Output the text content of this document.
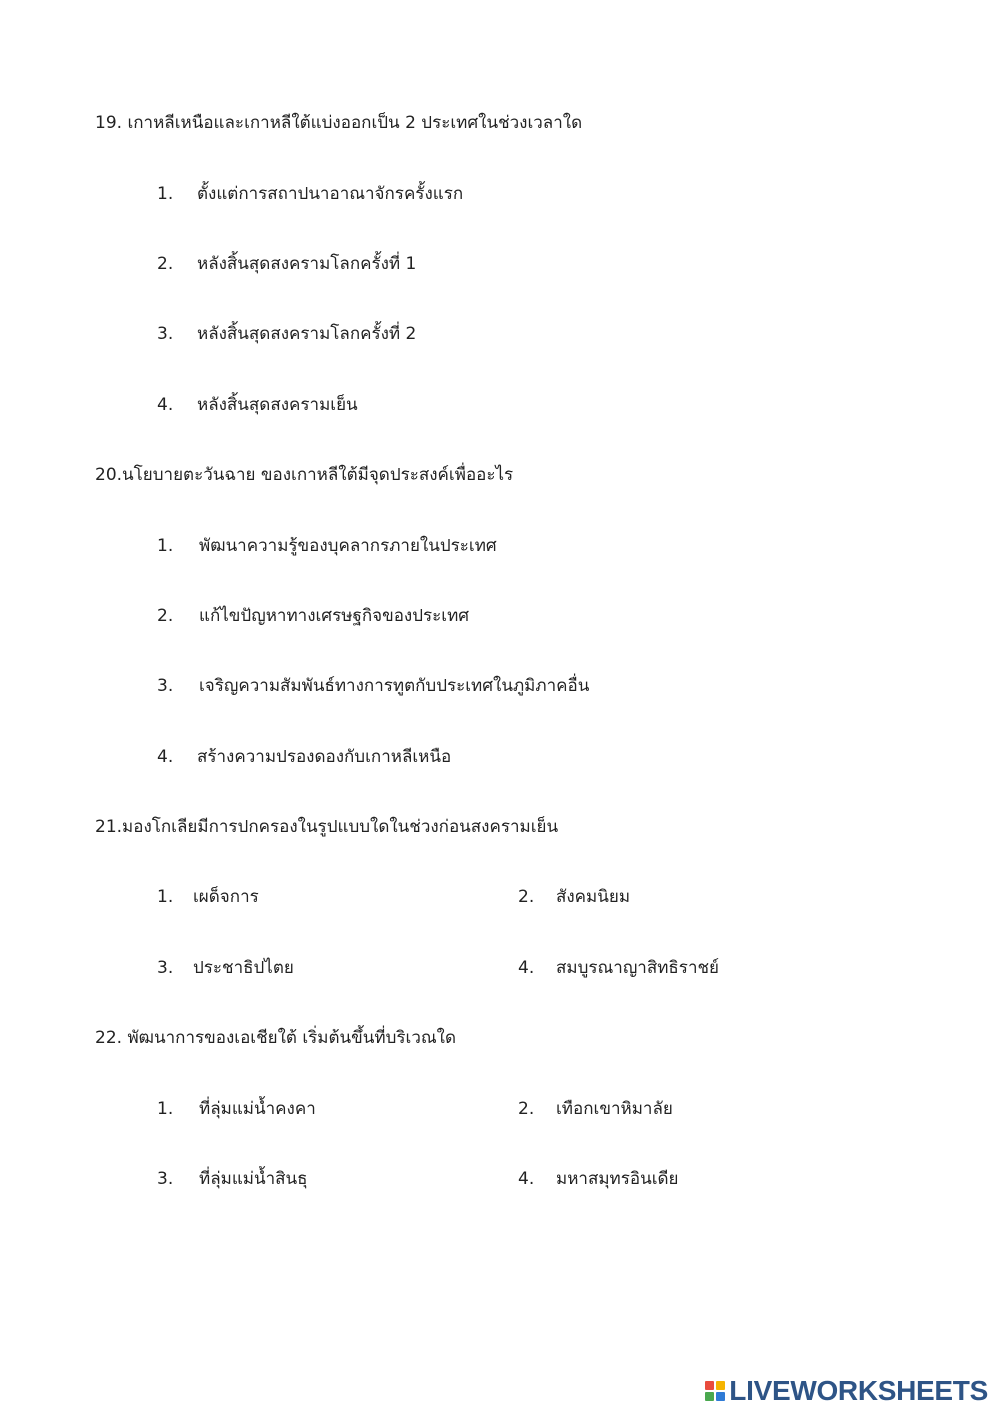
19. เกาหลีเหนือและเกาหลีใต้แบ่งออกเป็น 2 ประเทศในช่วงเวลาใด
1. ตั้งแต่การสถาปนาอาณาจักรครั้งแรก
2. หลังสิ้นสุดสงครามโลกครั้งที่ 1
3. หลังสิ้นสุดสงครามโลกครั้งที่ 2
4. หลังสิ้นสุดสงครามเย็น
20.นโยบายตะวันฉาย ของเกาหลีใต้มีจุดประสงค์เพื่ออะไร
1. พัฒนาความรู้ของบุคลากรภายในประเทศ
2. แก้ไขปัญหาทางเศรษฐกิจของประเทศ
3. เจริญความสัมพันธ์ทางการทูตกับประเทศในภูมิภาคอื่น
4. สร้างความปรองดองกับเกาหลีเหนือ
21.มองโกเลียมีการปกครองในรูปแบบใดในช่วงก่อนสงครามเย็น
1. เผด็จการ	2. สังคมนิยม
3. ประชาธิปไตย	4. สมบูรณาญาสิทธิราชย์
22. พัฒนาการของเอเชียใต้ เริ่มต้นขึ้นที่บริเวณใด
1. ที่ลุ่มแม่น้ำคงคา	2. เทือกเขาหิมาลัย
3. ที่ลุ่มแม่น้ำสินธุ	4. มหาสมุทรอินเดีย
LIVEWORKSHEETS
